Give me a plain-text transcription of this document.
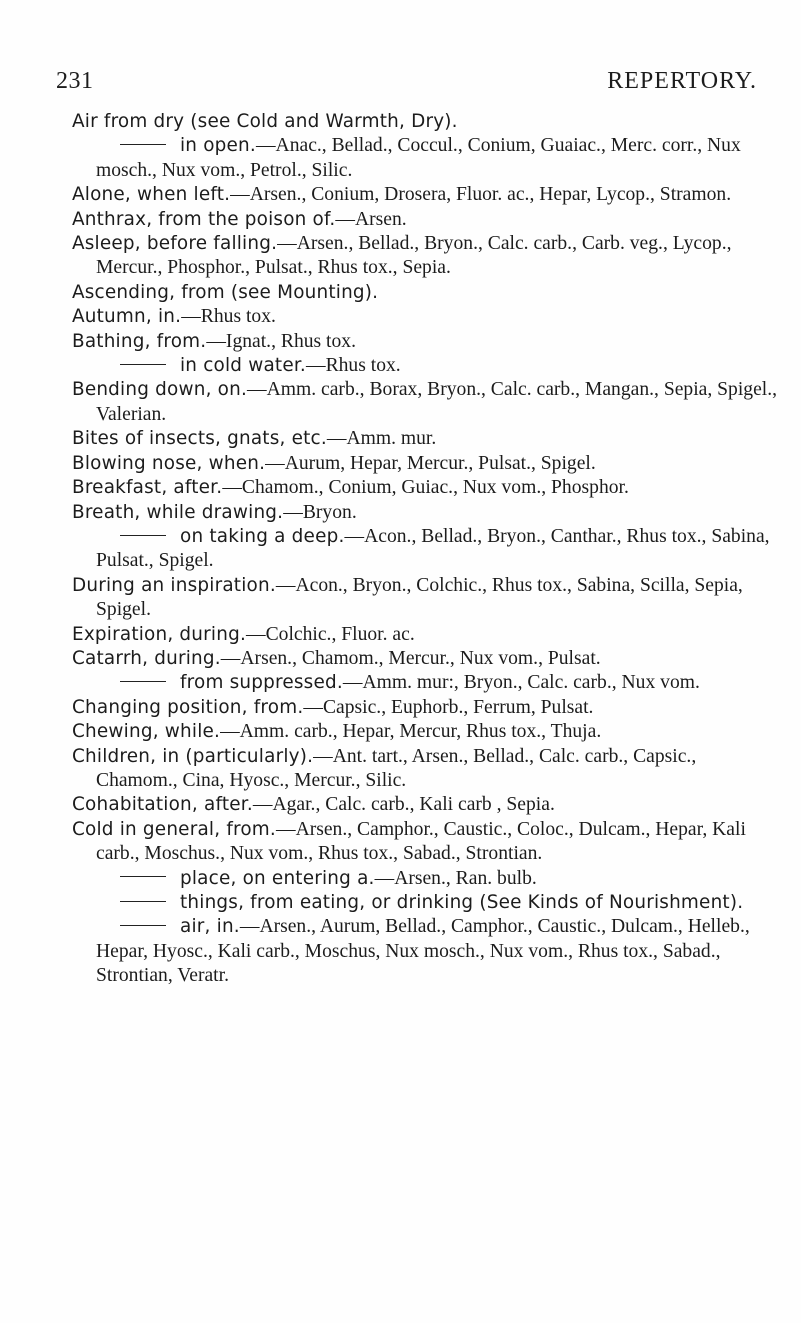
231	REPERTORY.
Air from dry (see Cold and Warmth, Dry).
in open.—Anac., Bellad., Coccul., Conium, Guaiac., Merc. corr., Nux mosch., Nux vom., Petrol., Silic.
Alone, when left.—Arsen., Conium, Drosera, Fluor. ac., Hepar, Lycop., Stramon.
Anthrax, from the poison of.—Arsen.
Asleep, before falling.—Arsen., Bellad., Bryon., Calc. carb., Carb. veg., Lycop., Mercur., Phosphor., Pulsat., Rhus tox., Sepia.
Ascending, from (see Mounting).
Autumn, in.—Rhus tox.
Bathing, from.—Ignat., Rhus tox.
in cold water.—Rhus tox.
Bending down, on.—Amm. carb., Borax, Bryon., Calc. carb., Mangan., Sepia, Spigel., Valerian.
Bites of insects, gnats, etc.—Amm. mur.
Blowing nose, when.—Aurum, Hepar, Mercur., Pulsat., Spigel.
Breakfast, after.—Chamom., Conium, Guiac., Nux vom., Phosphor.
Breath, while drawing.—Bryon.
on taking a deep.—Acon., Bellad., Bryon., Canthar., Rhus tox., Sabina, Pulsat., Spigel.
During an inspiration.—Acon., Bryon., Colchic., Rhus tox., Sabina, Scilla, Sepia, Spigel.
Expiration, during.—Colchic., Fluor. ac.
Catarrh, during.—Arsen., Chamom., Mercur., Nux vom., Pulsat.
from suppressed.—Amm. mur:, Bryon., Calc. carb., Nux vom.
Changing position, from.—Capsic., Euphorb., Ferrum, Pulsat.
Chewing, while.—Amm. carb., Hepar, Mercur, Rhus tox., Thuja.
Children, in (particularly).—Ant. tart., Arsen., Bellad., Calc. carb., Capsic., Chamom., Cina, Hyosc., Mercur., Silic.
Cohabitation, after.—Agar., Calc. carb., Kali carb , Sepia.
Cold in general, from.—Arsen., Camphor., Caustic., Coloc., Dulcam., Hepar, Kali carb., Moschus., Nux vom., Rhus tox., Sabad., Strontian.
place, on entering a.—Arsen., Ran. bulb.
things, from eating, or drinking (See Kinds of Nourishment).
air, in.—Arsen., Aurum, Bellad., Camphor., Caustic., Dulcam., Helleb., Hepar, Hyosc., Kali carb., Moschus, Nux mosch., Nux vom., Rhus tox., Sabad., Strontian, Veratr.
